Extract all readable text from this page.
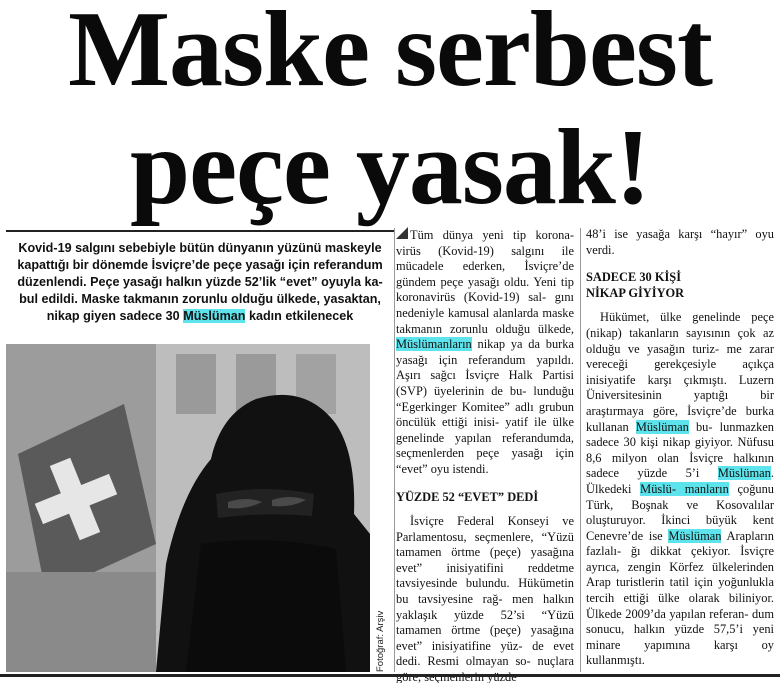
Maske serbest
peçe yasak!
Kovid-19 salgını sebebiyle bütün dünyanın yüzünü maskeyle
kapattığı bir dönemde İsviçre’de peçe yasağı için referandum
düzenlendi. Peçe yasağı halkın yüzde 52’lik “evet” oyuyla ka-
bul edildi. Maske takmanın zorunlu olduğu ülkede, yasaktan,
nikap giyen sadece 30 Müslüman kadın etkilenecek
Fotoğraf: Arşiv

Tüm dünya yeni tip korona- virüs (Kovid-19) salgını ile mücadele ederken, İsviçre’de gündem peçe yasağı oldu. Yeni tip koronavirüs (Kovid-19) sal- gını nedeniyle kamusal alanlarda maske takmanın zorunlu olduğu ülkede, Müslümanların nikap ya da burka yasağı için referandum yapıldı. Aşırı sağcı İsviçre Halk Partisi (SVP) üyelerinin de bu- lunduğu “Egerkinger Komitee” adlı grubun öncülük ettiği inisi- yatif ile ülke genelinde yapılan referandumda, seçmenlerden peçe yasağı için “evet” oyu istendi.

YÜZDE 52 “EVET” DEDİ

İsviçre Federal Konseyi ve Parlamentosu, seçmenlere, “Yüzü tamamen örtme (peçe) yasağına evet” inisiyatifini reddetme tavsiyesinde bulundu. Hükümetin bu tavsiyesine rağ- men halkın yaklaşık yüzde 52’si “Yüzü tamamen örtme (peçe) yasağına evet” inisiyatifine yüz- de evet dedi. Resmi olmayan so- nuçlara

48’i ise yasağa karşı “hayır” oyu verdi.

SADECE 30 KİŞİ
NİKAP GİYİYOR

Hükümet, ülke genelinde peçe (nikap) takanların sayısının çok az olduğu ve yasağın turiz- me zarar vereceği gerekçesiyle açıkça inisiyatife karşı çıkmıştı. Luzern Üniversitesinin yaptığı bir araştırmaya göre, İsviçre’de burka kullanan Müslüman bu- lunmazken sadece 30 kişi nikap giyiyor. Nüfusu 8,6 milyon olan İsviçre halkının sadece yüzde 5’i Müslüman. Ülkedeki Müslü- manların çoğunu Türk, Boşnak ve Kosovalılar oluşturuyor. İkinci büyük kent Cenevre’de ise Müslüman Arapların fazlalı- ğı dikkat çekiyor. İsviçre ayrıca, zengin Körfez ülkelerinden Arap turistlerin tatil için yoğunlukla tercih ettiği ülke olarak biliniyor. Ülkede 2009’da yapılan referan- dum sonucu, halkın yüzde 57,5’i yeni minare yapımına karşı oy kullanmıştı.
